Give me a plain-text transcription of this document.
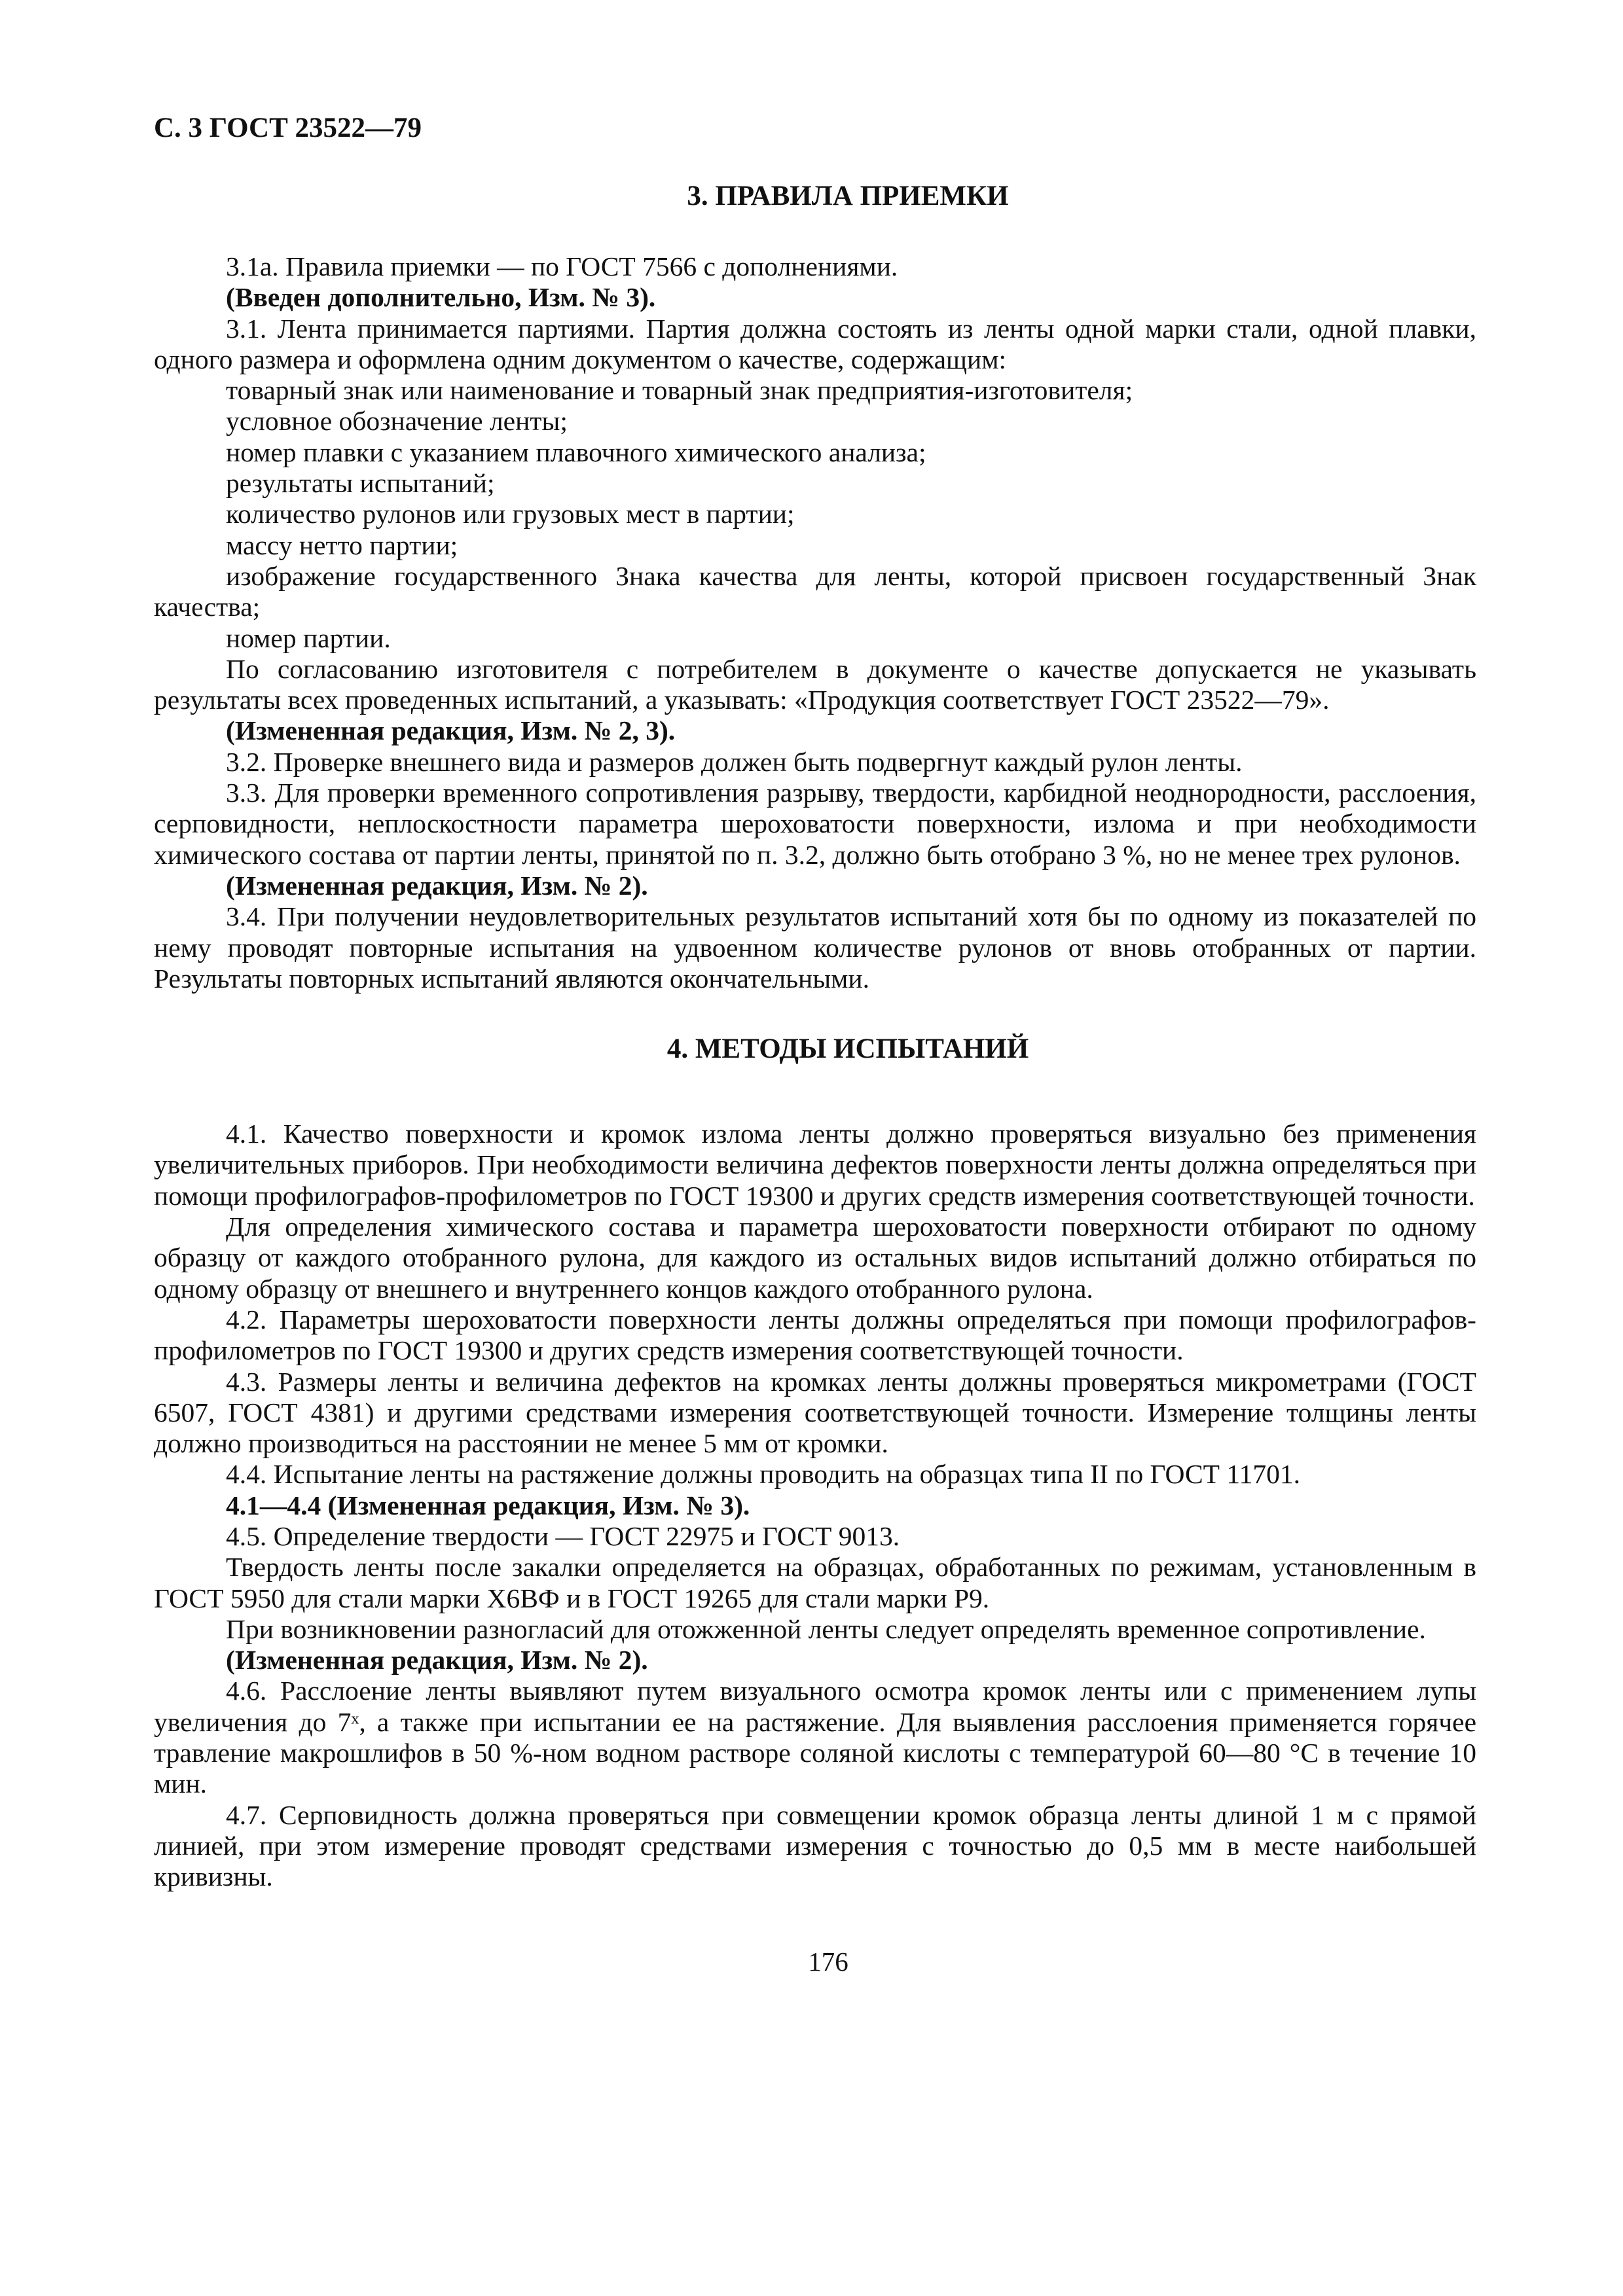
С. 3 ГОСТ 23522—79
3. ПРАВИЛА ПРИЕМКИ

3.1а. Правила приемки — по ГОСТ 7566 с дополнениями.

(Введен дополнительно, Изм. № 3).

3.1. Лента принимается партиями. Партия должна состоять из ленты одной марки стали, одной плавки, одного размера и оформлена одним документом о качестве, содержащим:

товарный знак или наименование и товарный знак предприятия-изготовителя;

условное обозначение ленты;

номер плавки с указанием плавочного химического анализа;

результаты испытаний;

количество рулонов или грузовых мест в партии;

массу нетто партии;

изображение государственного Знака качества для ленты, которой присвоен государственный Знак качества;

номер партии.

По согласованию изготовителя с потребителем в документе о качестве допускается не указывать результаты всех проведенных испытаний, а указывать: «Продукция соответствует ГОСТ 23522—79».

(Измененная редакция, Изм. № 2, 3).

3.2. Проверке внешнего вида и размеров должен быть подвергнут каждый рулон ленты.

3.3. Для проверки временного сопротивления разрыву, твердости, карбидной неоднородности, расслоения, серповидности, неплоскостности параметра шероховатости поверхности, излома и при необходимости химического состава от партии ленты, принятой по п. 3.2, должно быть отобрано 3 %, но не менее трех рулонов.

(Измененная редакция, Изм. № 2).

3.4. При получении неудовлетворительных результатов испытаний хотя бы по одному из показателей по нему проводят повторные испытания на удвоенном количестве рулонов от вновь отобранных от партии. Результаты повторных испытаний являются окончательными.

4. МЕТОДЫ ИСПЫТАНИЙ

4.1. Качество поверхности и кромок излома ленты должно проверяться визуально без применения увеличительных приборов. При необходимости величина дефектов поверхности ленты должна определяться при помощи профилографов-профилометров по ГОСТ 19300 и других средств измерения соответствующей точности.

Для определения химического состава и параметра шероховатости поверхности отбирают по одному образцу от каждого отобранного рулона, для каждого из остальных видов испытаний должно отбираться по одному образцу от внешнего и внутреннего концов каждого отобранного рулона.

4.2. Параметры шероховатости поверхности ленты должны определяться при помощи профилографов-профилометров по ГОСТ 19300 и других средств измерения соответствующей точности.

4.3. Размеры ленты и величина дефектов на кромках ленты должны проверяться микрометрами (ГОСТ 6507, ГОСТ 4381) и другими средствами измерения соответствующей точности. Измерение толщины ленты должно производиться на расстоянии не менее 5 мм от кромки.

4.4. Испытание ленты на растяжение должны проводить на образцах типа II по ГОСТ 11701.

4.1—4.4 (Измененная редакция, Изм. № 3).

4.5. Определение твердости — ГОСТ 22975 и ГОСТ 9013.

Твердость ленты после закалки определяется на образцах, обработанных по режимам, установленным в ГОСТ 5950 для стали марки Х6ВФ и в ГОСТ 19265 для стали марки Р9.

При возникновении разногласий для отожженной ленты следует определять временное сопротивление.

(Измененная редакция, Изм. № 2).

4.6. Расслоение ленты выявляют путем визуального осмотра кромок ленты или с применением лупы увеличения до 7ˣ, а также при испытании ее на растяжение. Для выявления расслоения применяется горячее травление макрошлифов в 50 %-ном водном растворе соляной кислоты с температурой 60—80 °С в течение 10 мин.

4.7. Серповидность должна проверяться при совмещении кромок образца ленты длиной 1 м с прямой линией, при этом измерение проводят средствами измерения с точностью до 0,5 мм в месте наибольшей кривизны.

176
